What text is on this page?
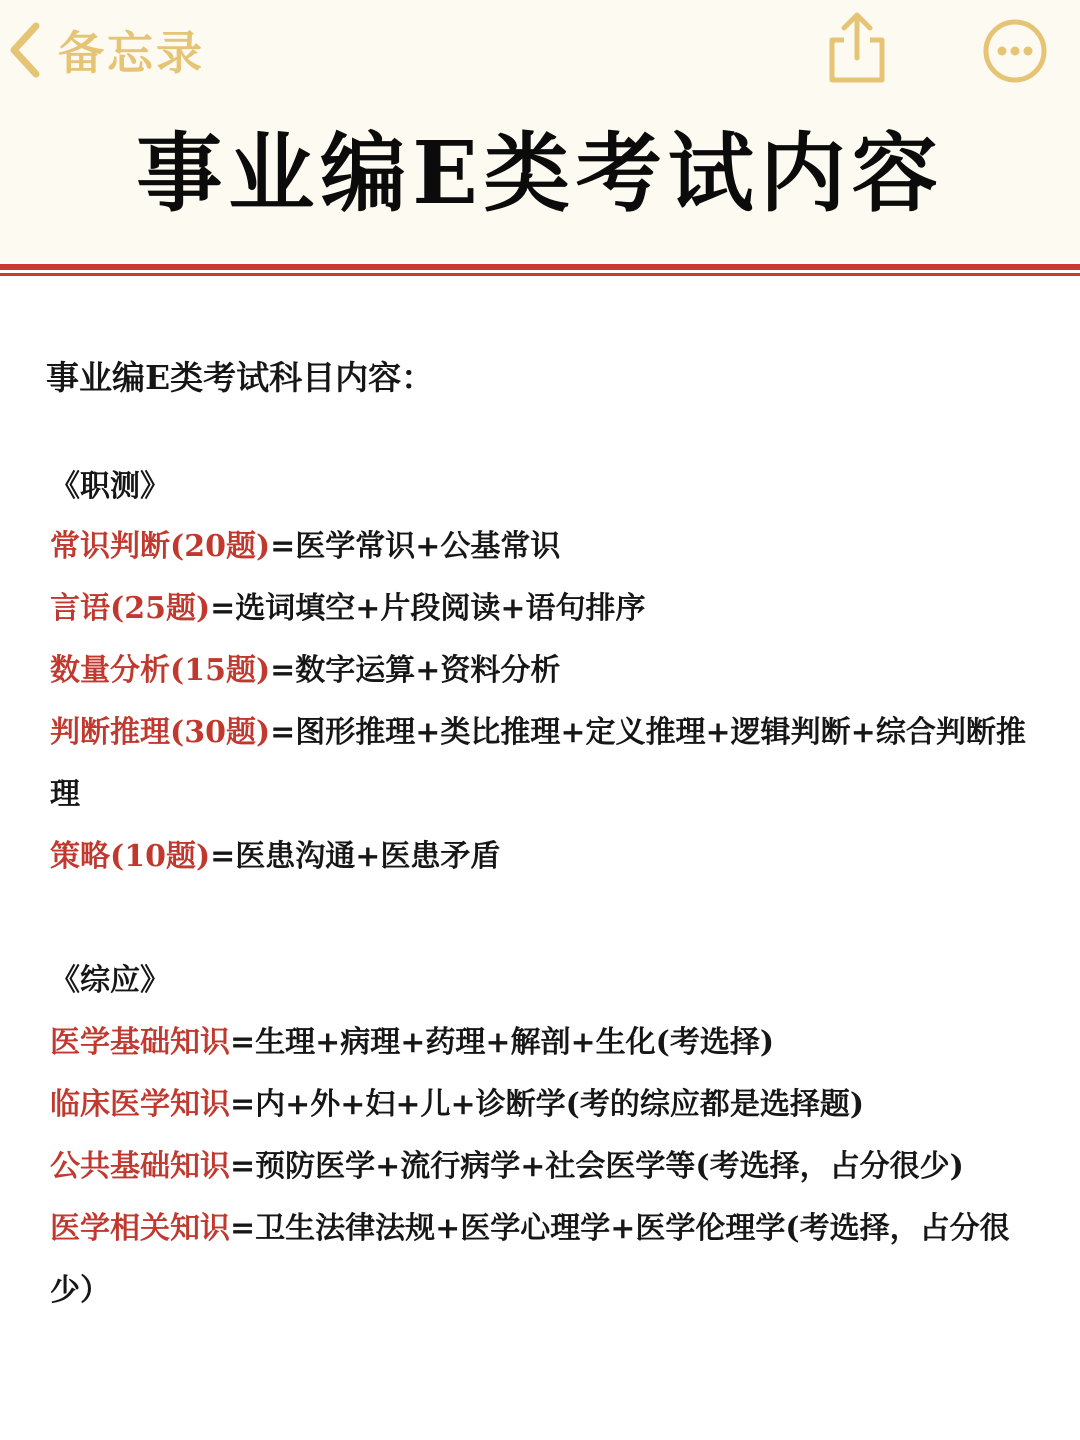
备忘录
事业编E类考试内容
事业编E类考试科目内容：
《职测》
常识判断(20题)=医学常识+公基常识
言语(25题)=选词填空+片段阅读+语句排序
数量分析(15题)=数字运算+资料分析
判断推理(30题)=图形推理+类比推理+定义推理+逻辑判断+综合判断推理
策略(10题)=医患沟通+医患矛盾
《综应》
医学基础知识=生理+病理+药理+解剖+生化(考选择)
临床医学知识=内+外+妇+儿+诊断学(考的综应都是选择题)
公共基础知识=预防医学+流行病学+社会医学等(考选择，占分很少)
医学相关知识=卫生法律法规+医学心理学+医学伦理学(考选择，占分很少）
